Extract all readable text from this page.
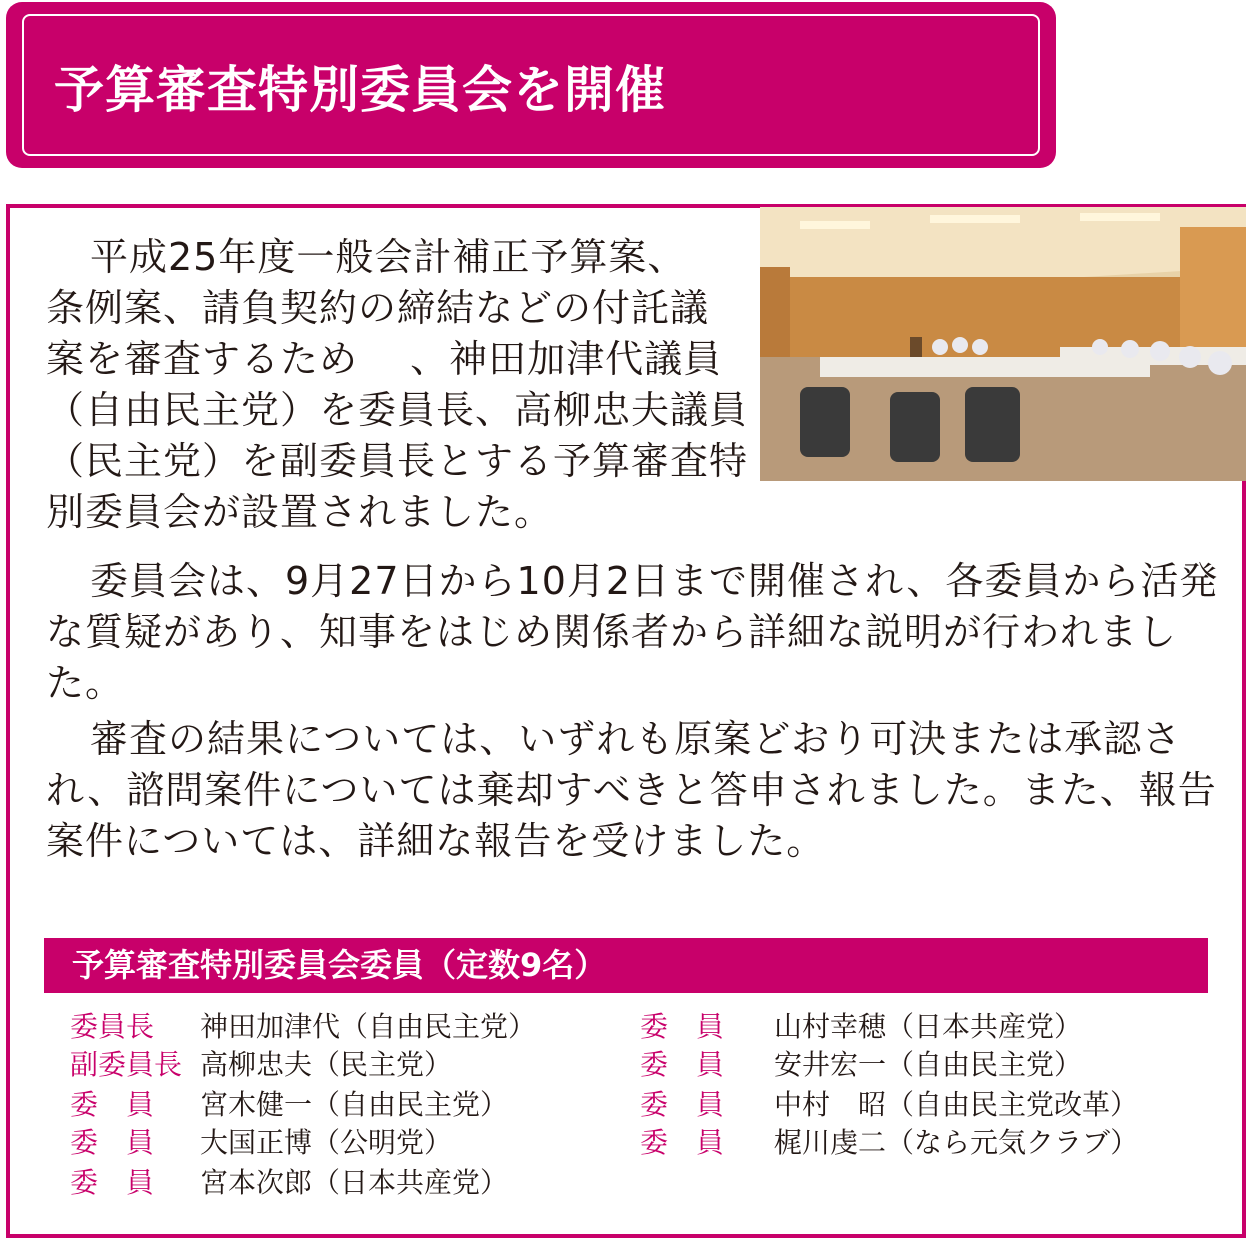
予算審査特別委員会を開催
平成25年度一般会計補正予算案、
条例案、請負契約の締結などの付託議
案を審査するため　 、神田加津代議員
（自由民主党）を委員長、高柳忠夫議員
（民主党）を副委員長とする予算審査特
別委員会が設置されました。
委員会は、9月27日から10月2日まで開催され、各委員から活発
な質疑があり、知事をはじめ関係者から詳細な説明が行われまし
た。
審査の結果については、いずれも原案どおり可決または承認さ
れ、諮問案件については棄却すべきと答申されました。また、報告
案件については、詳細な報告を受けました。
予算審査特別委員会委員（定数9名）
委員長 神田加津代（自由民主党）
副委員長 高柳忠夫（民主党）
委　員 宮木健一（自由民主党）
委　員 大国正博（公明党）
委　員 宮本次郎（日本共産党）
委　員 山村幸穂（日本共産党）
委　員 安井宏一（自由民主党）
委　員 中村　昭（自由民主党改革）
委　員 梶川虔二（なら元気クラブ）
